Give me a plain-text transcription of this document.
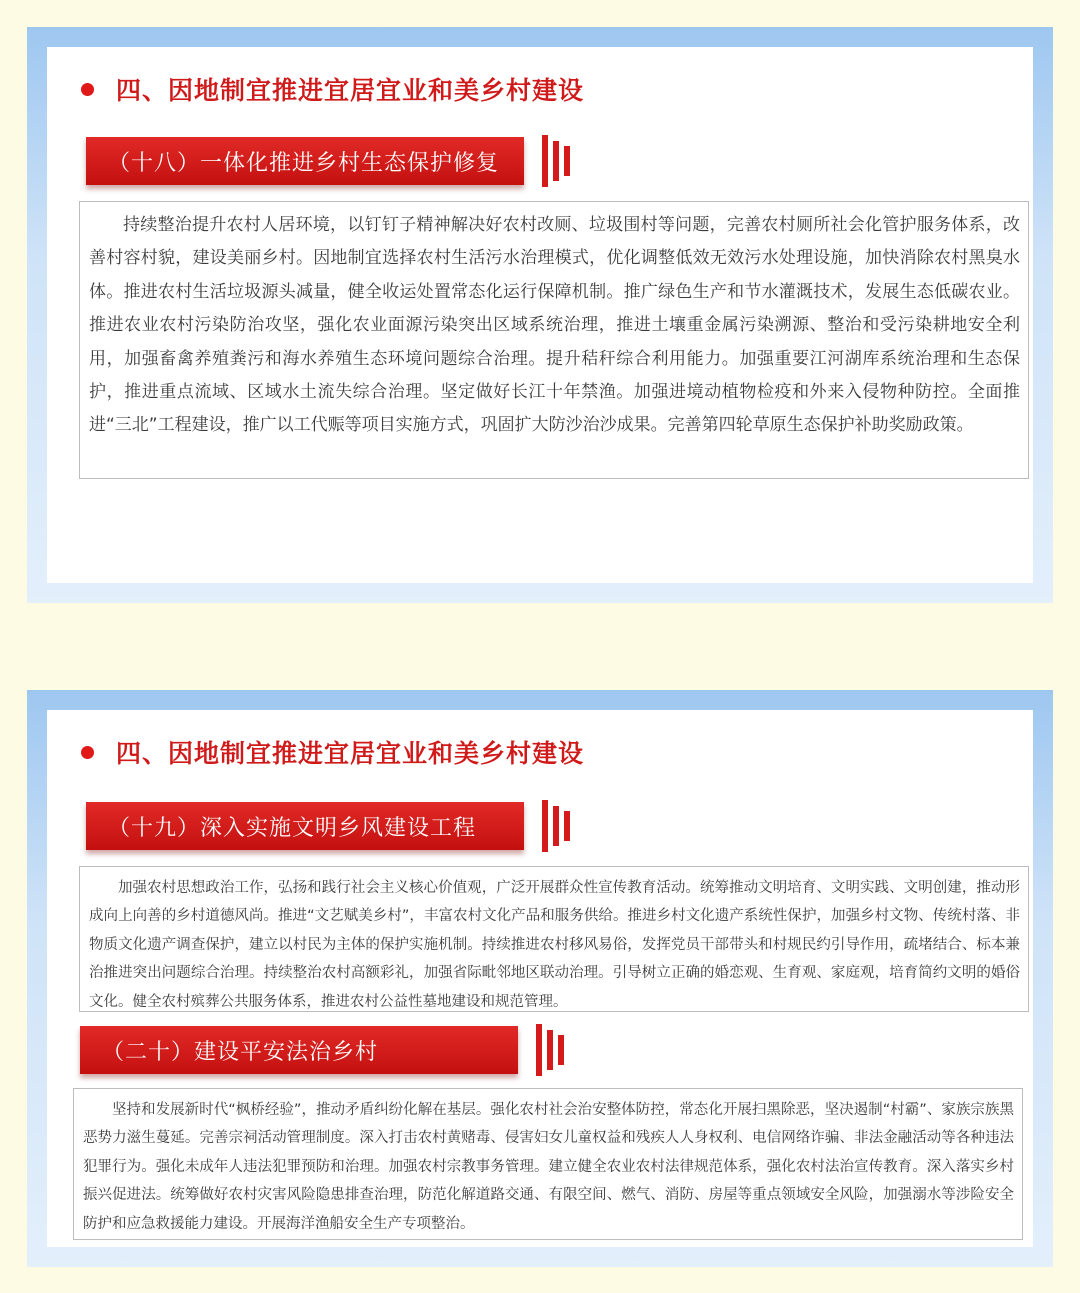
四、因地制宜推进宜居宜业和美乡村建设
（十八）一体化推进乡村生态保护修复

持续整治提升农村人居环境，以钉钉子精神解决好农村改厕、垃圾围村等问题，完善农村厕所社会化管护服务体系，改善村容村貌，建设美丽乡村。因地制宜选择农村生活污水治理模式，优化调整低效无效污水处理设施，加快消除农村黑臭水体。推进农村生活垃圾源头减量，健全收运处置常态化运行保障机制。推广绿色生产和节水灌溉技术，发展生态低碳农业。推进农业农村污染防治攻坚，强化农业面源污染突出区域系统治理，推进土壤重金属污染溯源、整治和受污染耕地安全利用，加强畜禽养殖粪污和海水养殖生态环境问题综合治理。提升秸秆综合利用能力。加强重要江河湖库系统治理和生态保护，推进重点流域、区域水土流失综合治理。坚定做好长江十年禁渔。加强进境动植物检疫和外来入侵物种防控。全面推进“三北”工程建设，推广以工代赈等项目实施方式，巩固扩大防沙治沙成果。完善第四轮草原生态保护补助奖励政策。

四、因地制宜推进宜居宜业和美乡村建设
（十九）深入实施文明乡风建设工程

加强农村思想政治工作，弘扬和践行社会主义核心价值观，广泛开展群众性宣传教育活动。统筹推动文明培育、文明实践、文明创建，推动形成向上向善的乡村道德风尚。推进“文艺赋美乡村”，丰富农村文化产品和服务供给。推进乡村文化遗产系统性保护，加强乡村文物、传统村落、非物质文化遗产调查保护，建立以村民为主体的保护实施机制。持续推进农村移风易俗，发挥党员干部带头和村规民约引导作用，疏堵结合、标本兼治推进突出问题综合治理。持续整治农村高额彩礼，加强省际毗邻地区联动治理。引导树立正确的婚恋观、生育观、家庭观，培育简约文明的婚俗文化。健全农村殡葬公共服务体系，推进农村公益性墓地建设和规范管理。

（二十）建设平安法治乡村

坚持和发展新时代“枫桥经验”，推动矛盾纠纷化解在基层。强化农村社会治安整体防控，常态化开展扫黑除恶，坚决遏制“村霸”、家族宗族黑恶势力滋生蔓延。完善宗祠活动管理制度。深入打击农村黄赌毒、侵害妇女儿童权益和残疾人人身权利、电信网络诈骗、非法金融活动等各种违法犯罪行为。强化未成年人违法犯罪预防和治理。加强农村宗教事务管理。建立健全农业农村法律规范体系，强化农村法治宣传教育。深入落实乡村振兴促进法。统筹做好农村灾害风险隐患排查治理，防范化解道路交通、有限空间、燃气、消防、房屋等重点领域安全风险，加强溺水等涉险安全防护和应急救援能力建设。开展海洋渔船安全生产专项整治。
